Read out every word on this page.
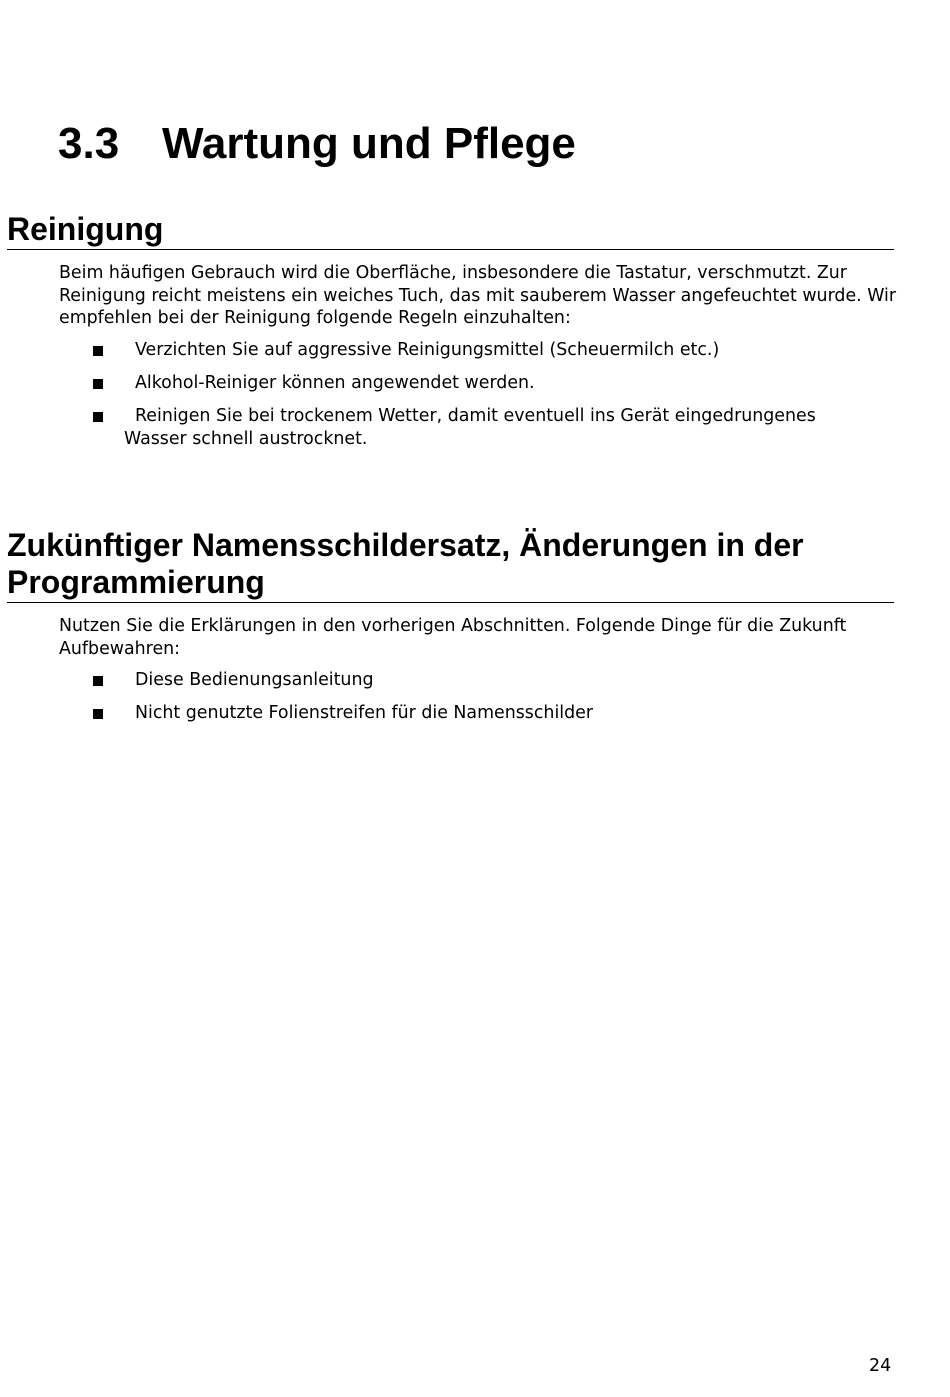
3.3 Wartung und Pflege
Reinigung

Beim häufigen Gebrauch wird die Oberfläche, insbesondere die Tastatur, verschmutzt. Zur Reinigung reicht meistens ein weiches Tuch, das mit sauberem Wasser angefeuchtet wurde. Wir empfehlen bei der Reinigung folgende Regeln einzuhalten:

Verzichten Sie auf aggressive Reinigungsmittel (Scheuermilch etc.)
Alkohol-Reiniger können angewendet werden.
Reinigen Sie bei trockenem Wetter, damit eventuell ins Gerät eingedrungenes Wasser schnell austrocknet.
Zukünftiger Namensschildersatz, Änderungen in der Programmierung

Nutzen Sie die Erklärungen in den vorherigen Abschnitten. Folgende Dinge für die Zukunft Aufbewahren:

Diese Bedienungsanleitung
Nicht genutzte Folienstreifen für die Namensschilder
24
